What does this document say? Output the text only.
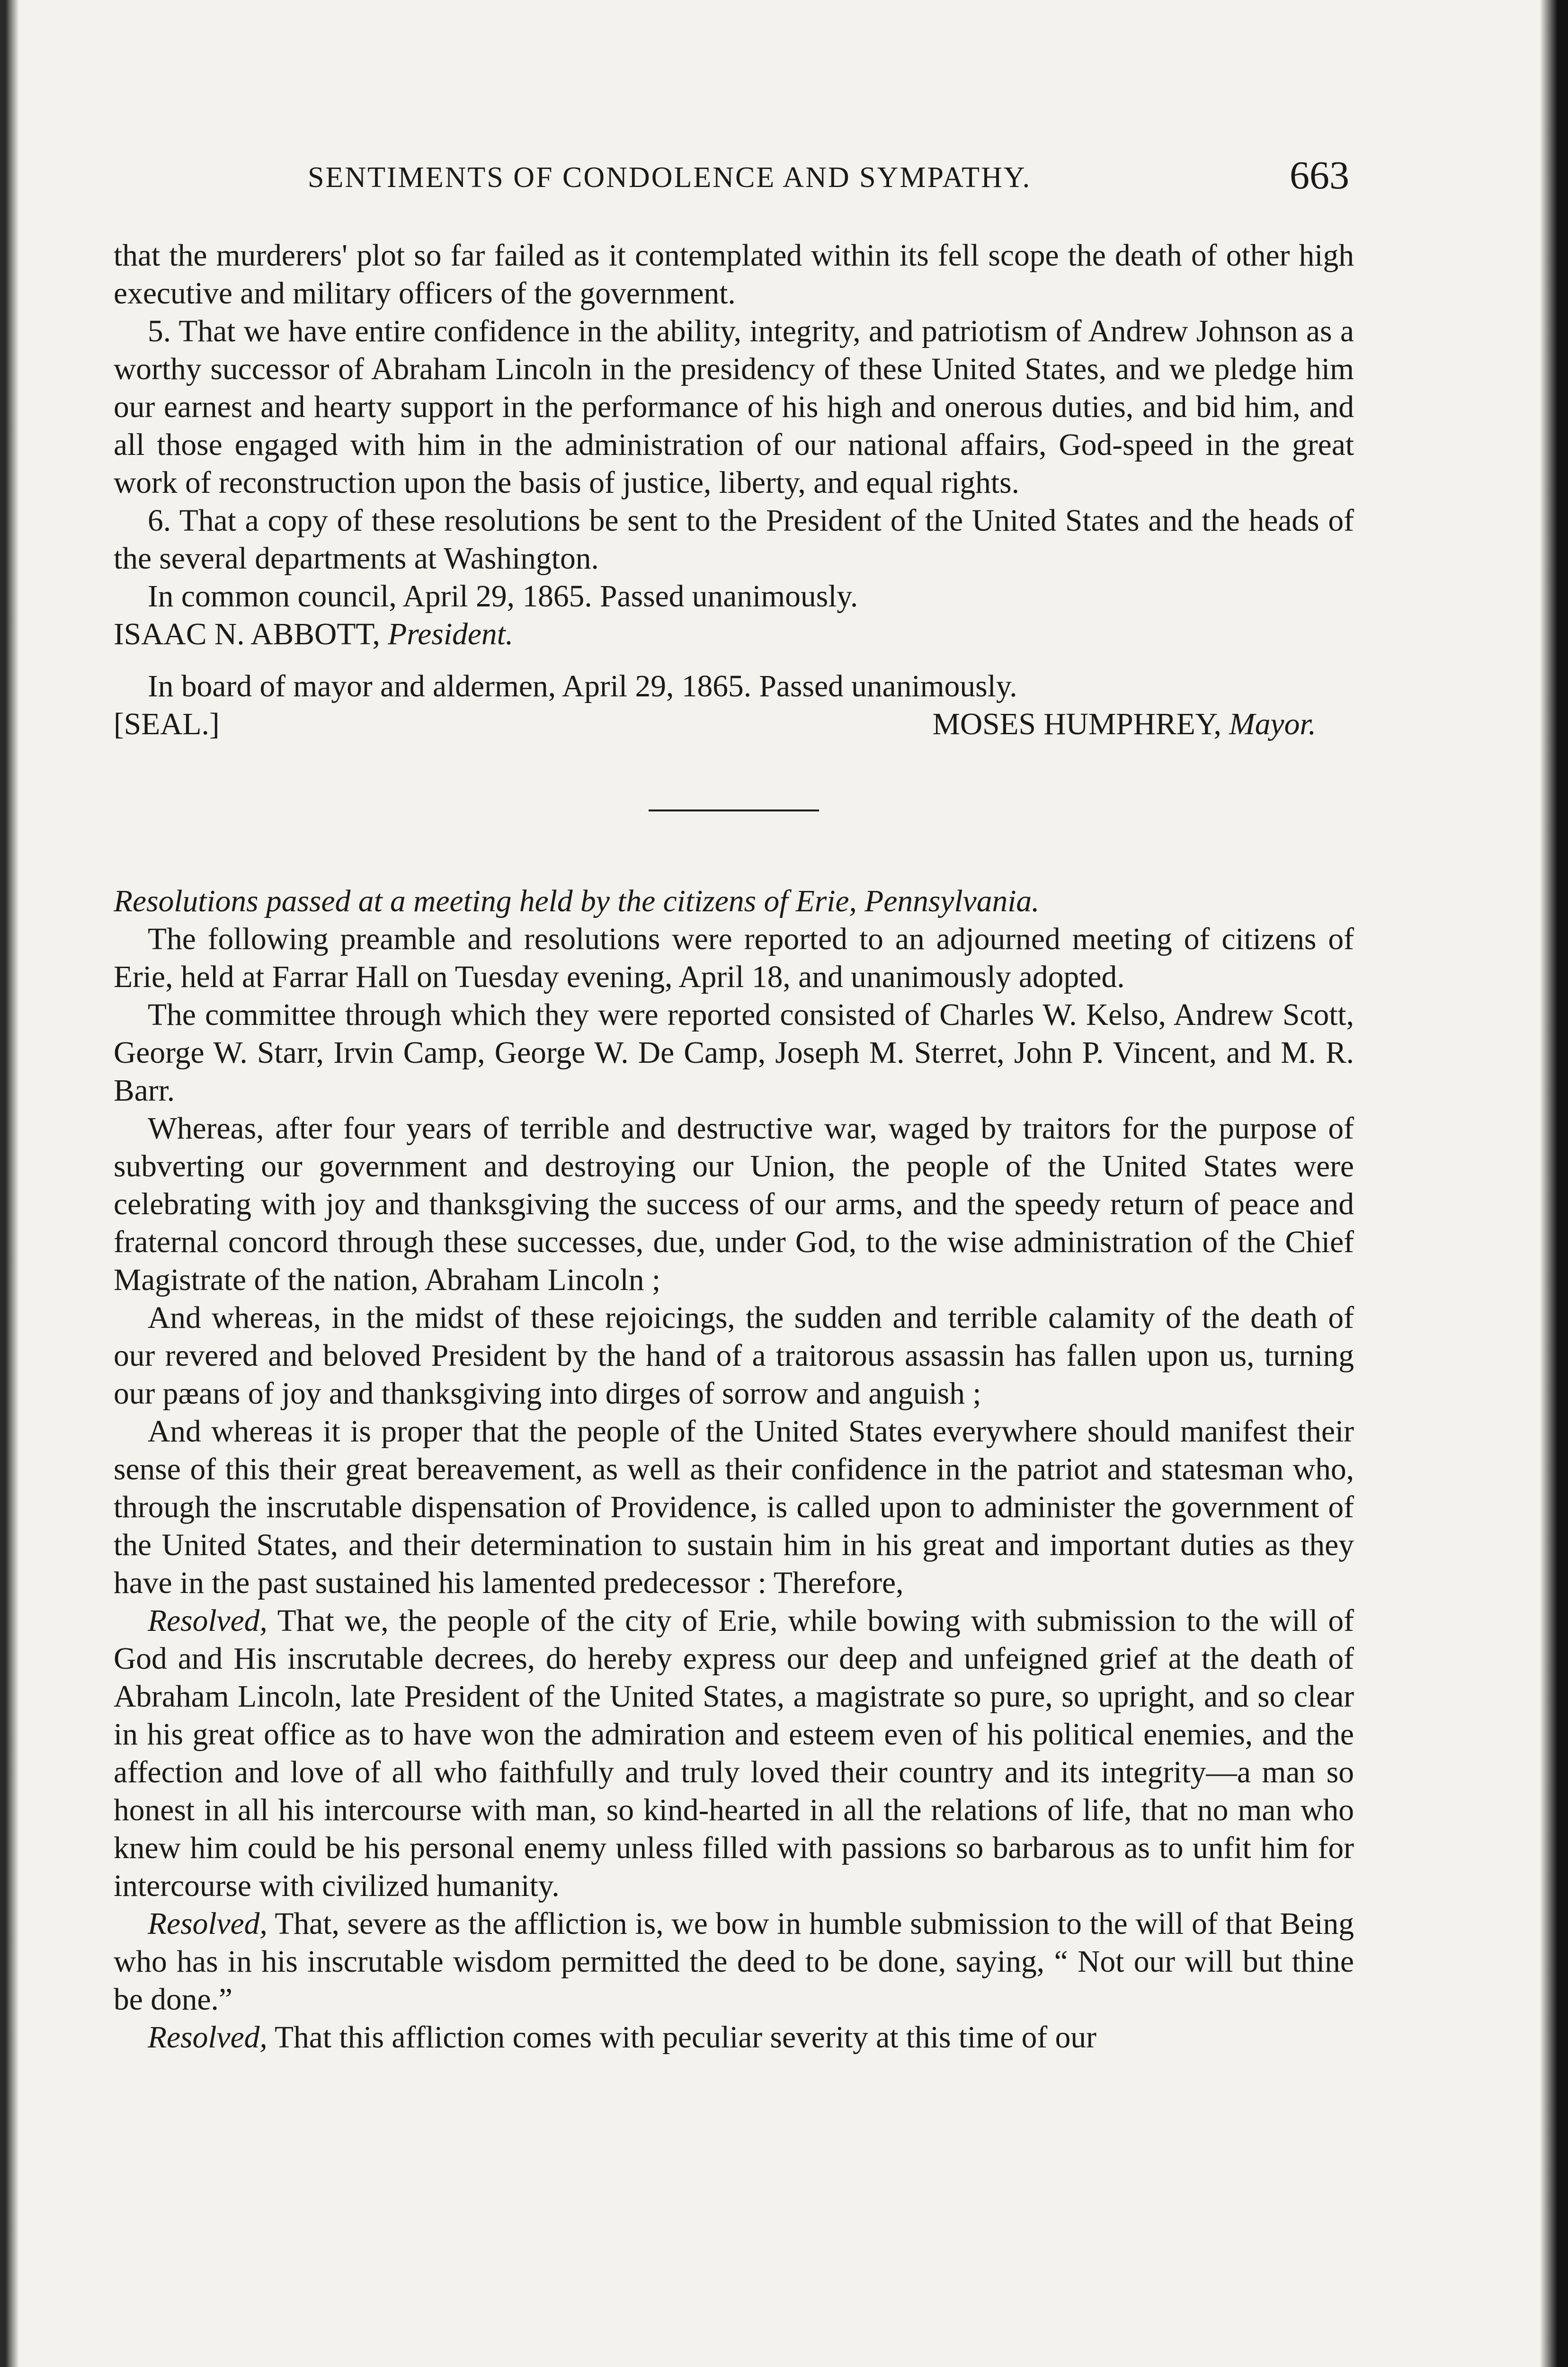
SENTIMENTS OF CONDOLENCE AND SYMPATHY.	663

that the murderers' plot so far failed as it contemplated within its fell scope the death of other high executive and military officers of the government.

5. That we have entire confidence in the ability, integrity, and patriotism of Andrew Johnson as a worthy successor of Abraham Lincoln in the presidency of these United States, and we pledge him our earnest and hearty support in the performance of his high and onerous duties, and bid him, and all those engaged with him in the administration of our national affairs, God-speed in the great work of reconstruction upon the basis of justice, liberty, and equal rights.

6. That a copy of these resolutions be sent to the President of the United States and the heads of the several departments at Washington.

In common council, April 29, 1865. Passed unanimously.

ISAAC N. ABBOTT, President.

In board of mayor and aldermen, April 29, 1865. Passed unanimously.

[SEAL.]	MOSES HUMPHREY, Mayor.

Resolutions passed at a meeting held by the citizens of Erie, Pennsylvania.

The following preamble and resolutions were reported to an adjourned meeting of citizens of Erie, held at Farrar Hall on Tuesday evening, April 18, and unanimously adopted.

The committee through which they were reported consisted of Charles W. Kelso, Andrew Scott, George W. Starr, Irvin Camp, George W. De Camp, Joseph M. Sterret, John P. Vincent, and M. R. Barr.

Whereas, after four years of terrible and destructive war, waged by traitors for the purpose of subverting our government and destroying our Union, the people of the United States were celebrating with joy and thanksgiving the success of our arms, and the speedy return of peace and fraternal concord through these successes, due, under God, to the wise administration of the Chief Magistrate of the nation, Abraham Lincoln ;

And whereas, in the midst of these rejoicings, the sudden and terrible calamity of the death of our revered and beloved President by the hand of a traitorous assassin has fallen upon us, turning our pæans of joy and thanksgiving into dirges of sorrow and anguish ;

And whereas it is proper that the people of the United States everywhere should manifest their sense of this their great bereavement, as well as their confidence in the patriot and statesman who, through the inscrutable dispensation of Providence, is called upon to administer the government of the United States, and their determination to sustain him in his great and important duties as they have in the past sustained his lamented predecessor : Therefore,

Resolved, That we, the people of the city of Erie, while bowing with submission to the will of God and His inscrutable decrees, do hereby express our deep and unfeigned grief at the death of Abraham Lincoln, late President of the United States, a magistrate so pure, so upright, and so clear in his great office as to have won the admiration and esteem even of his political enemies, and the affection and love of all who faithfully and truly loved their country and its integrity—a man so honest in all his intercourse with man, so kind-hearted in all the relations of life, that no man who knew him could be his personal enemy unless filled with passions so barbarous as to unfit him for intercourse with civilized humanity.

Resolved, That, severe as the affliction is, we bow in humble submission to the will of that Being who has in his inscrutable wisdom permitted the deed to be done, saying, “ Not our will but thine be done.”

Resolved, That this affliction comes with peculiar severity at this time of our
